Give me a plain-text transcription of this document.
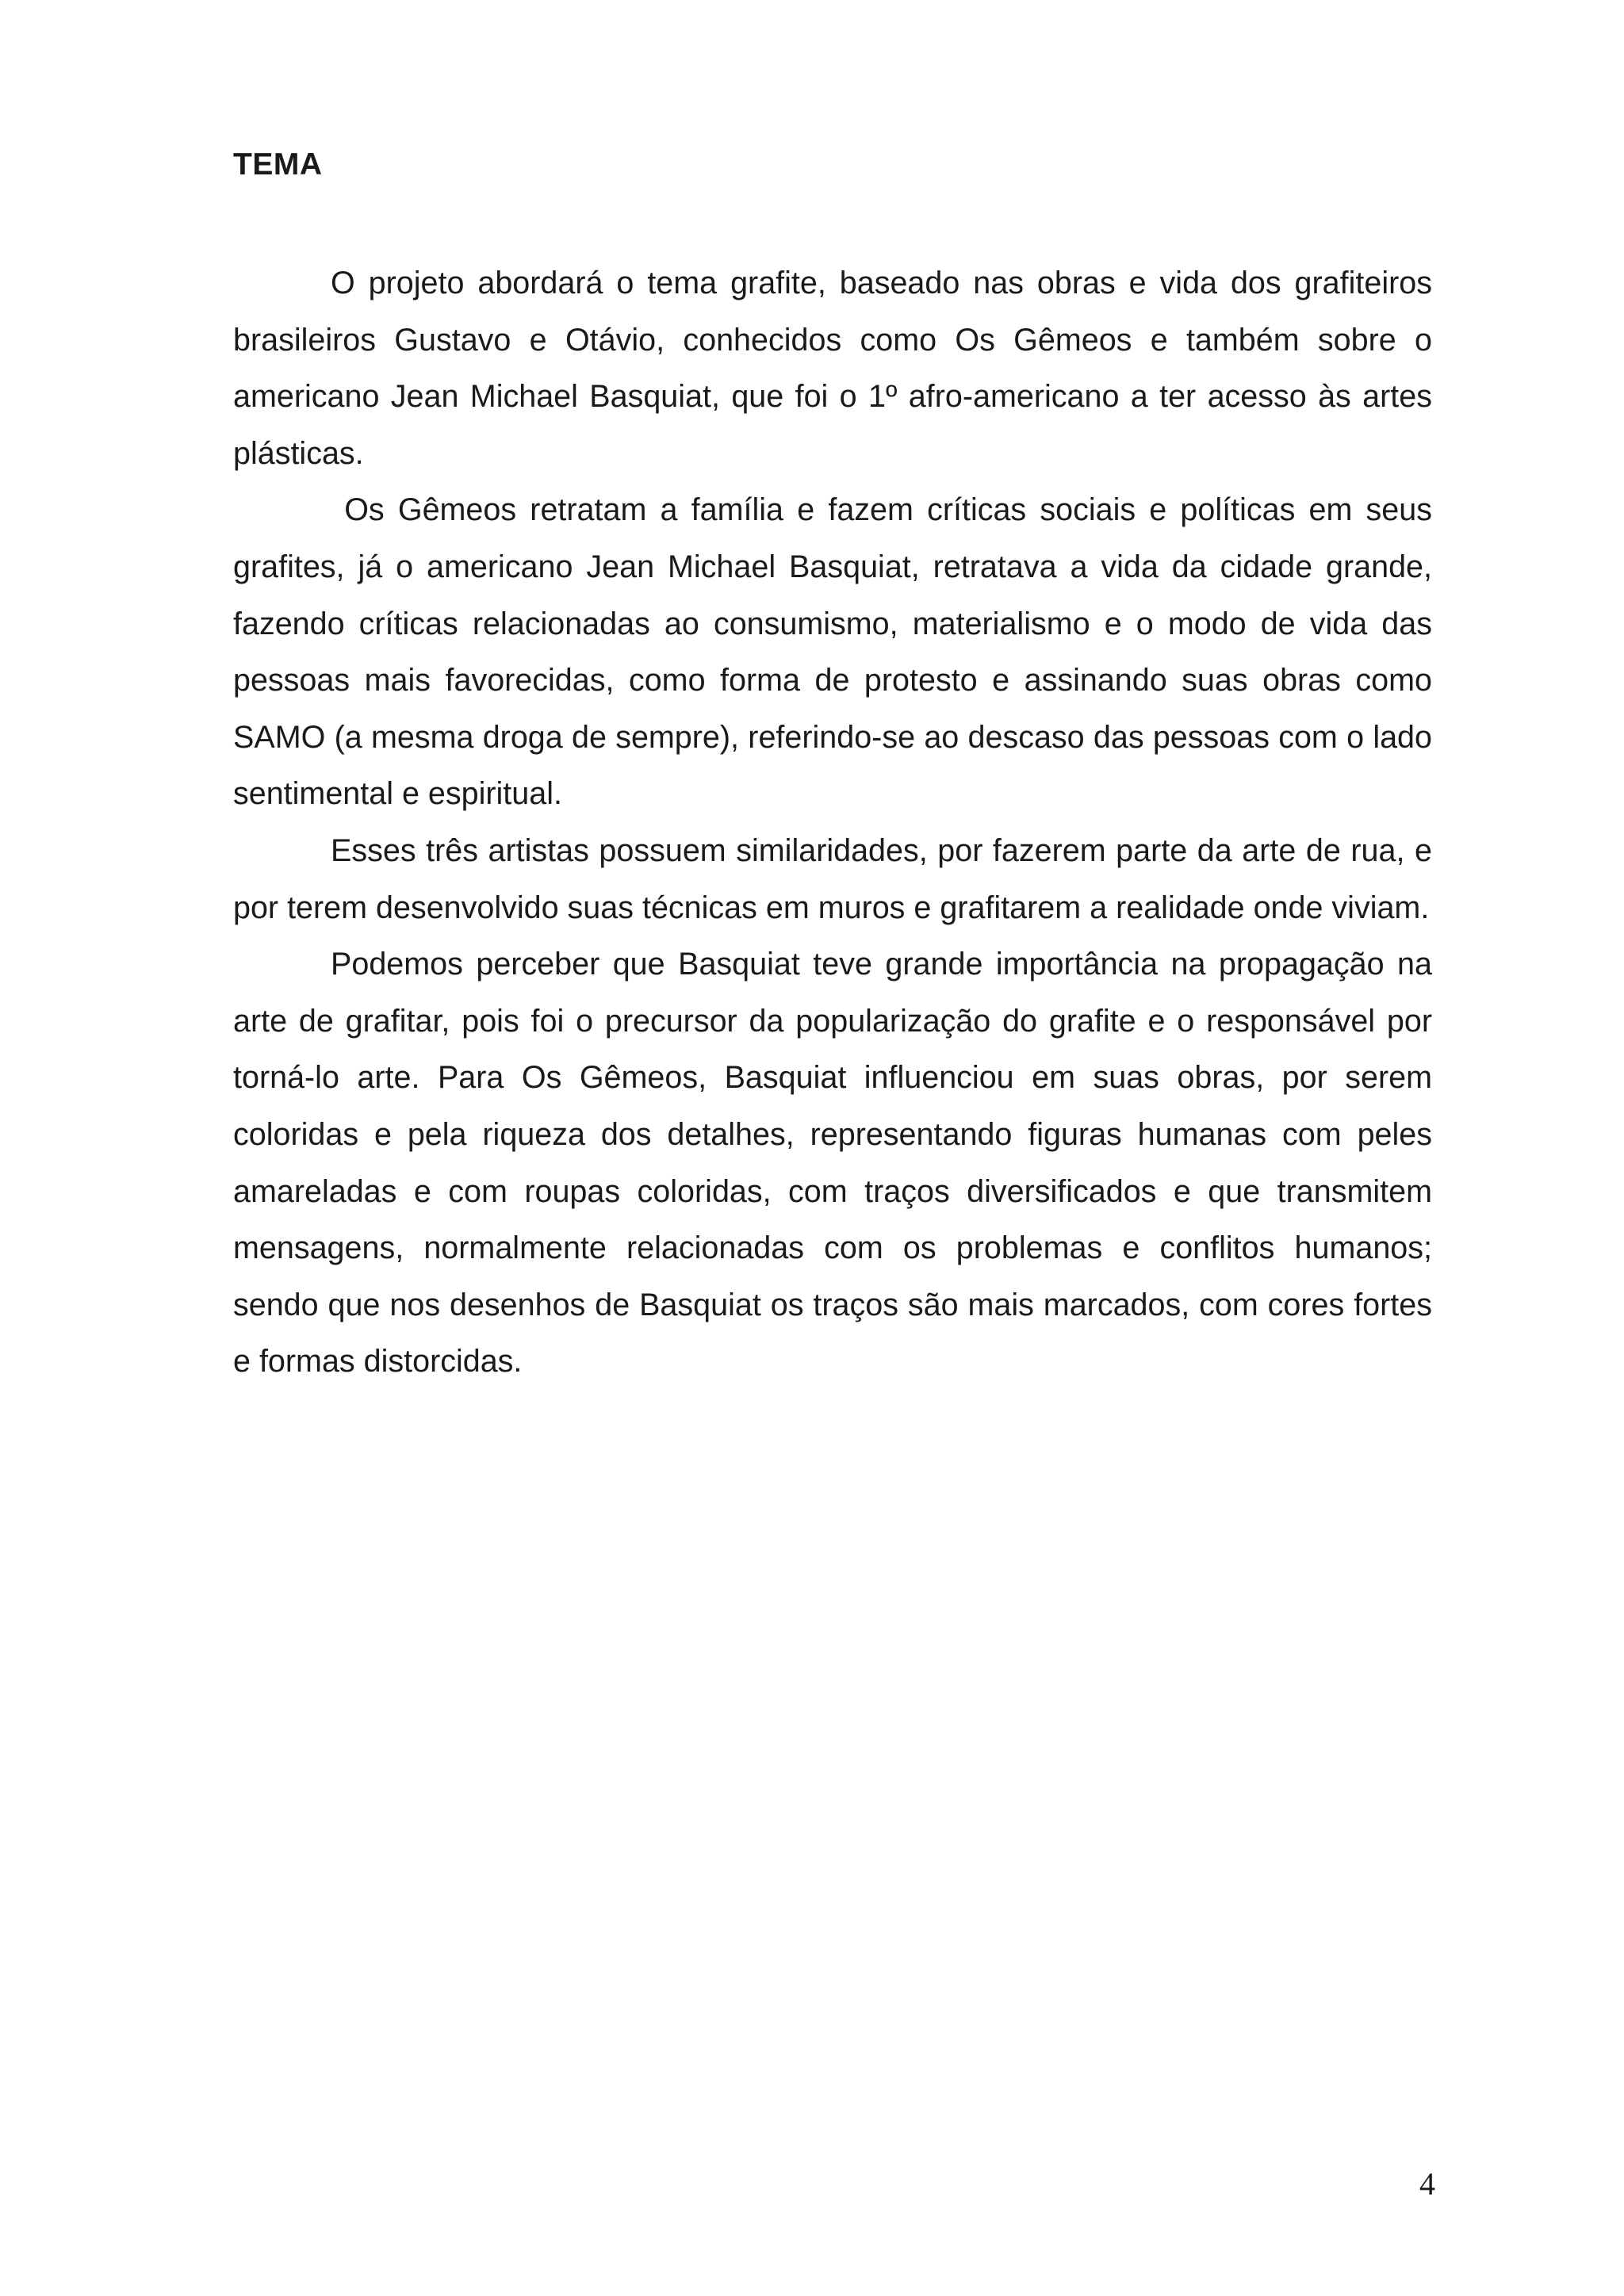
TEMA

O projeto abordará o tema grafite, baseado nas obras e vida dos grafiteiros brasileiros Gustavo e Otávio, conhecidos como Os Gêmeos e também sobre o americano Jean Michael Basquiat, que foi o 1º afro-americano a ter acesso às artes plásticas.

Os Gêmeos retratam a família e fazem críticas sociais e políticas em seus grafites, já o americano Jean Michael Basquiat, retratava a vida da cidade grande, fazendo críticas relacionadas ao consumismo, materialismo e o modo de vida das pessoas mais favorecidas, como forma de protesto e assinando suas obras como SAMO (a mesma droga de sempre), referindo-se ao descaso das pessoas com o lado sentimental e espiritual.

Esses três artistas possuem similaridades, por fazerem parte da arte de rua, e por terem desenvolvido suas técnicas em muros e grafitarem a realidade onde viviam.

Podemos perceber que Basquiat teve grande importância na propagação na arte de grafitar, pois foi o precursor da popularização do grafite e o responsável por torná-lo arte. Para Os Gêmeos, Basquiat influenciou em suas obras, por serem coloridas e pela riqueza dos detalhes, representando figuras humanas com peles amareladas e com roupas coloridas, com traços diversificados e que transmitem mensagens, normalmente relacionadas com os problemas e conflitos humanos; sendo que nos desenhos de Basquiat os traços são mais marcados, com cores fortes e formas distorcidas.

4
